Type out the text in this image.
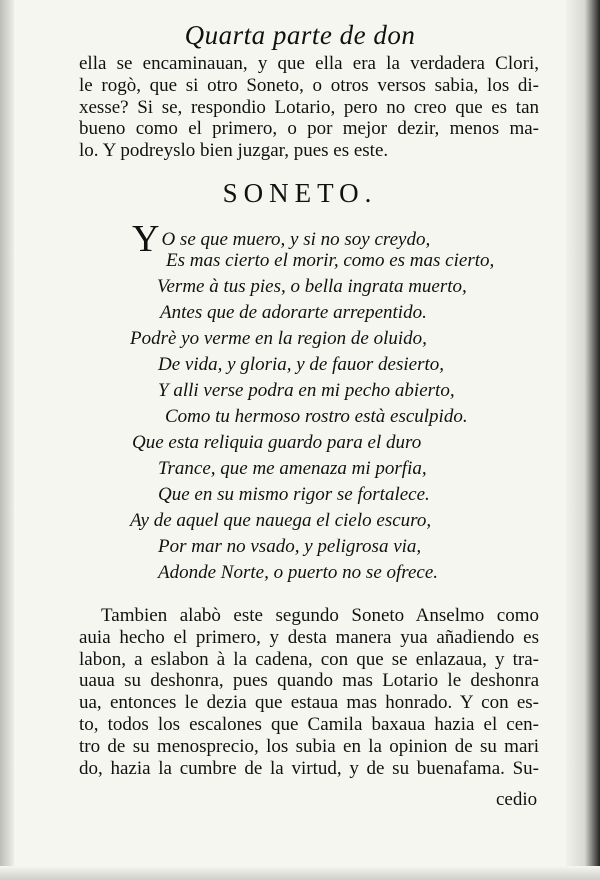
Quarta parte de don
ella se encaminauan, y que ella era la verdadera Clori,
le rogò, que si otro Soneto, o otros versos sabia, los di-
xesse? Si se, respondio Lotario, pero no creo que es tan
bueno como el primero, o por mejor dezir, menos ma-
lo. Y podreyslo bien juzgar, pues es este.
SONETO.
Y O se que muero, y si no soy creydo,
Es mas cierto el morir, como es mas cierto,
Verme à tus pies, o bella ingrata muerto,
Antes que de adorarte arrepentido.
Podrè yo verme en la region de oluido,
De vida, y gloria, y de fauor desierto,
Y alli verse podra en mi pecho abierto,
Como tu hermoso rostro està esculpido.
Que esta reliquia guardo para el duro
Trance, que me amenaza mi porfia,
Que en su mismo rigor se fortalece.
Ay de aquel que nauega el cielo escuro,
Por mar no vsado, y peligrosa via,
Adonde Norte, o puerto no se ofrece.
Tambien alabò este segundo Soneto Anselmo como
auia hecho el primero, y desta manera yua añadiendo es
labon, a eslabon à la cadena, con que se enlazaua, y tra-
uaua su deshonra, pues quando mas Lotario le deshonra
ua, entonces le dezia que estaua mas honrado. Y con es-
to, todos los escalones que Camila baxaua hazia el cen-
tro de su menosprecio, los subia en la opinion de su mari
do, hazia la cumbre de la virtud, y de su buenafama. Su-
cedio
